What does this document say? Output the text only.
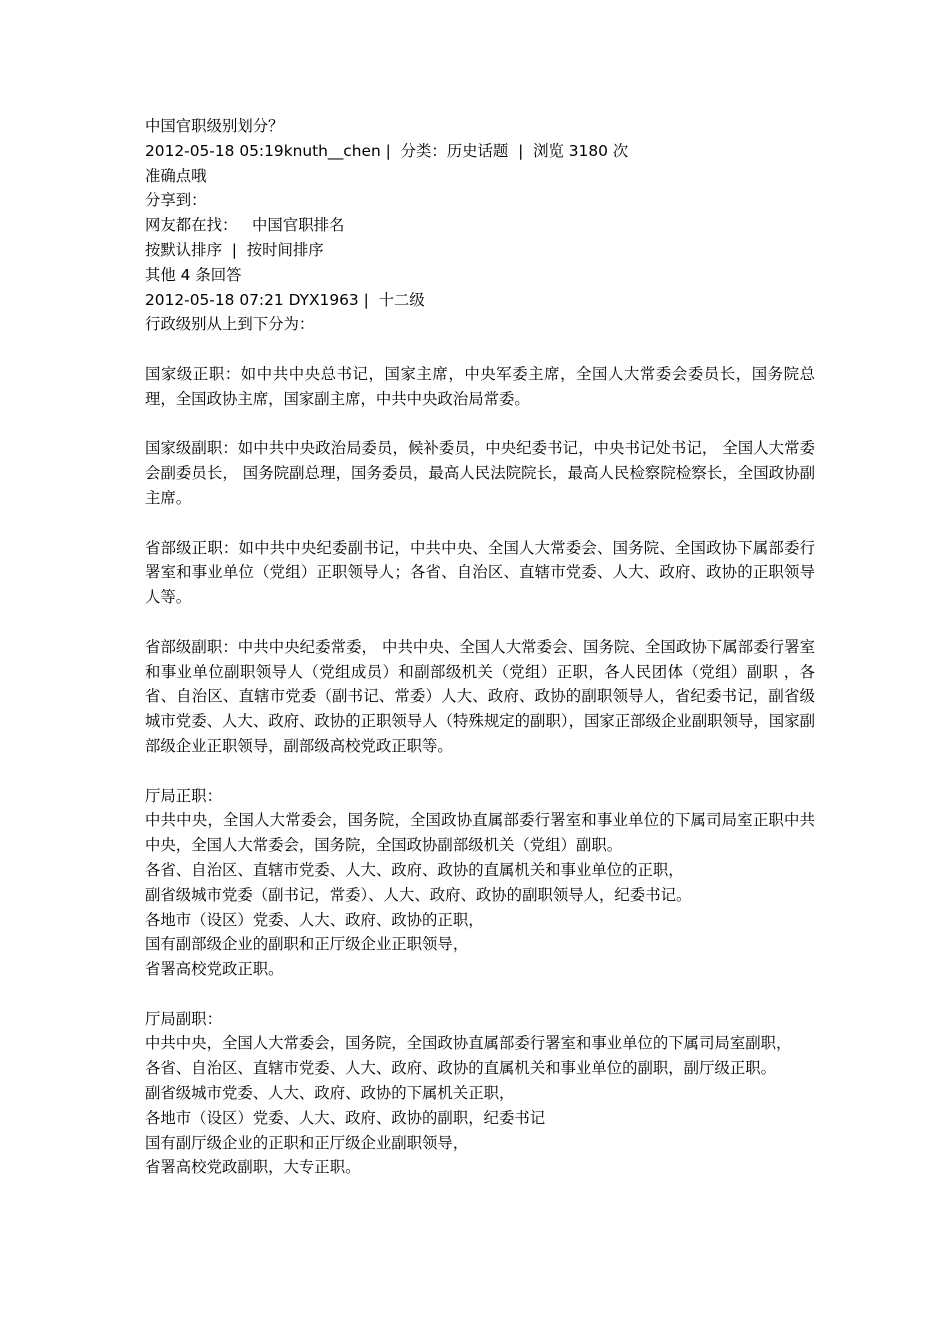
中国官职级别划分？
2012-05-18 05:19knuth__chen |  分类：历史话题  |  浏览 3180 次
准确点哦
分享到：
网友都在找：   中国官职排名
按默认排序  |  按时间排序
其他 4 条回答
2012-05-18 07:21 DYX1963 |  十二级
行政级别从上到下分为：

国家级正职：如中共中央总书记，国家主席，中央军委主席，全国人大常委会委员长，国务院总理，全国政协主席，国家副主席，中共中央政治局常委。

国家级副职：如中共中央政治局委员，候补委员，中央纪委书记，中央书记处书记， 全国人大常委会副委员长， 国务院副总理，国务委员，最高人民法院院长，最高人民检察院检察长，全国政协副主席。

省部级正职：如中共中央纪委副书记，中共中央、全国人大常委会、国务院、全国政协下属部委行署室和事业单位（党组）正职领导人；各省、自治区、直辖市党委、人大、政府、政协的正职领导人等。

省部级副职：中共中央纪委常委， 中共中央、全国人大常委会、国务院、全国政协下属部委行署室和事业单位副职领导人（党组成员）和副部级机关（党组）正职，各人民团体（党组）副职 ，各省、自治区、直辖市党委（副书记、常委）人大、政府、政协的副职领导人，省纪委书记，副省级城市党委、人大、政府、政协的正职领导人（特殊规定的副职），国家正部级企业副职领导，国家副部级企业正职领导，副部级高校党政正职等。

厅局正职：

中共中央，全国人大常委会，国务院，全国政协直属部委行署室和事业单位的下属司局室正职中共中央，全国人大常委会，国务院，全国政协副部级机关（党组）副职。

各省、自治区、直辖市党委、人大、政府、政协的直属机关和事业单位的正职，
副省级城市党委（副书记，常委）、人大、政府、政协的副职领导人，纪委书记。
各地市（设区）党委、人大、政府、政协的正职，
国有副部级企业的副职和正厅级企业正职领导，
省署高校党政正职。
厅局副职：

中共中央，全国人大常委会，国务院，全国政协直属部委行署室和事业单位的下属司局室副职，

各省、自治区、直辖市党委、人大、政府、政协的直属机关和事业单位的副职，副厅级正职。
副省级城市党委、人大、政府、政协的下属机关正职，
各地市（设区）党委、人大、政府、政协的副职，纪委书记
国有副厅级企业的正职和正厅级企业副职领导，
省署高校党政副职，大专正职。
